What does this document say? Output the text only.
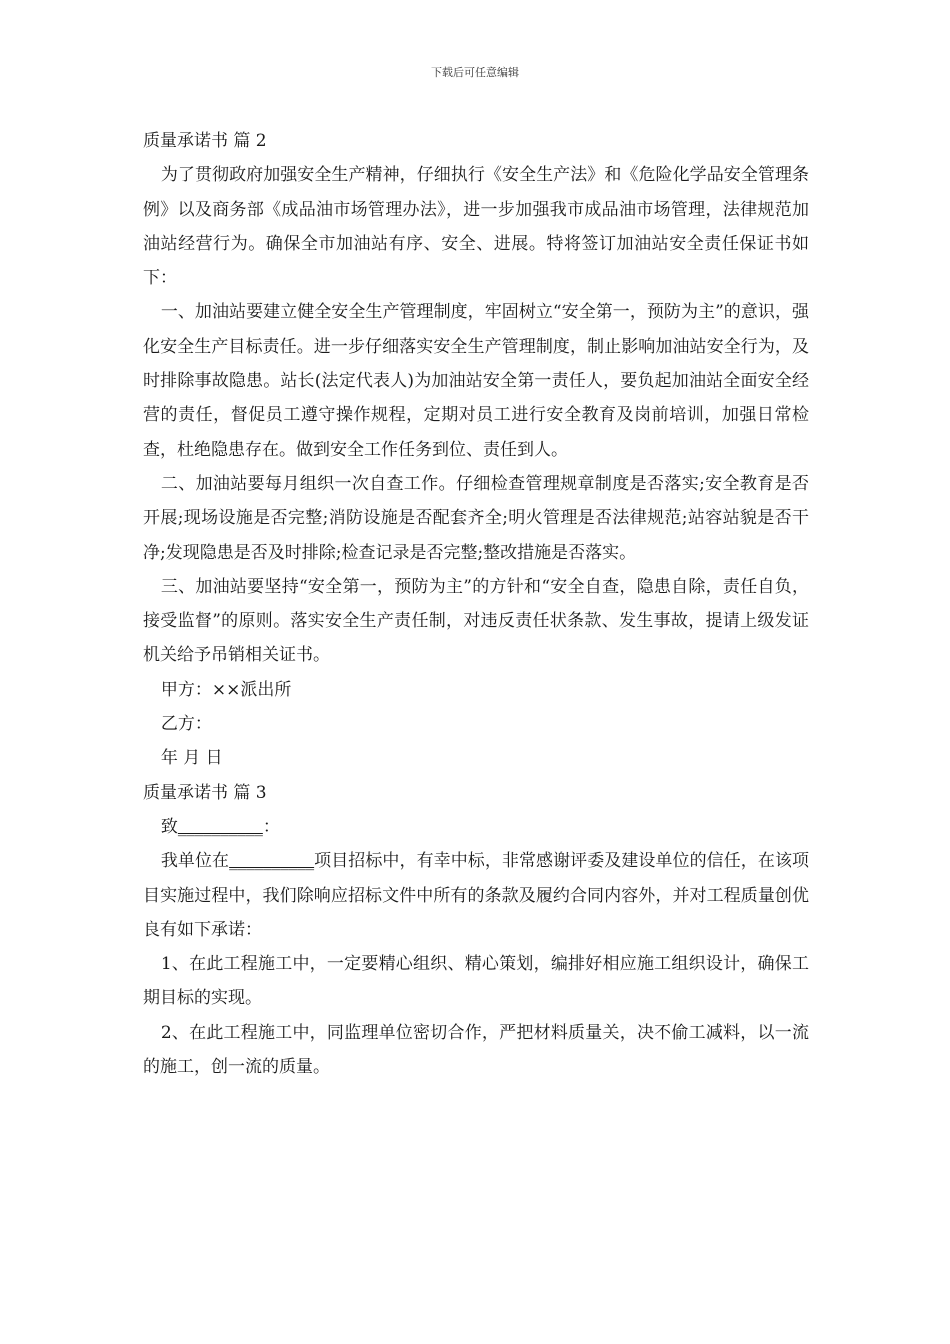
下载后可任意编辑
质量承诺书 篇 2

为了贯彻政府加强安全生产精神，仔细执行《安全生产法》和《危险化学品安全管理条例》以及商务部《成品油市场管理办法》，进一步加强我市成品油市场管理，法律规范加油站经营行为。确保全市加油站有序、安全、进展。特将签订加油站安全责任保证书如下：

一、加油站要建立健全安全生产管理制度，牢固树立“安全第一，预防为主”的意识，强化安全生产目标责任。进一步仔细落实安全生产管理制度，制止影响加油站安全行为，及时排除事故隐患。站长(法定代表人)为加油站安全第一责任人，要负起加油站全面安全经营的责任，督促员工遵守操作规程，定期对员工进行安全教育及岗前培训，加强日常检查，杜绝隐患存在。做到安全工作任务到位、责任到人。

二、加油站要每月组织一次自查工作。仔细检查管理规章制度是否落实;安全教育是否开展;现场设施是否完整;消防设施是否配套齐全;明火管理是否法律规范;站容站貌是否干净;发现隐患是否及时排除;检查记录是否完整;整改措施是否落实。

三、加油站要坚持“安全第一，预防为主”的方针和“安全自查，隐患自除，责任自负，接受监督”的原则。落实安全生产责任制，对违反责任状条款、发生事故，提请上级发证机关给予吊销相关证书。

甲方：××派出所

乙方：

年 月 日

质量承诺书 篇 3

致__________：

我单位在__________项目招标中，有幸中标，非常感谢评委及建设单位的信任，在该项目实施过程中，我们除响应招标文件中所有的条款及履约合同内容外，并对工程质量创优良有如下承诺：

1、在此工程施工中，一定要精心组织、精心策划，编排好相应施工组织设计，确保工期目标的实现。

2、在此工程施工中，同监理单位密切合作，严把材料质量关，决不偷工减料，以一流的施工，创一流的质量。
